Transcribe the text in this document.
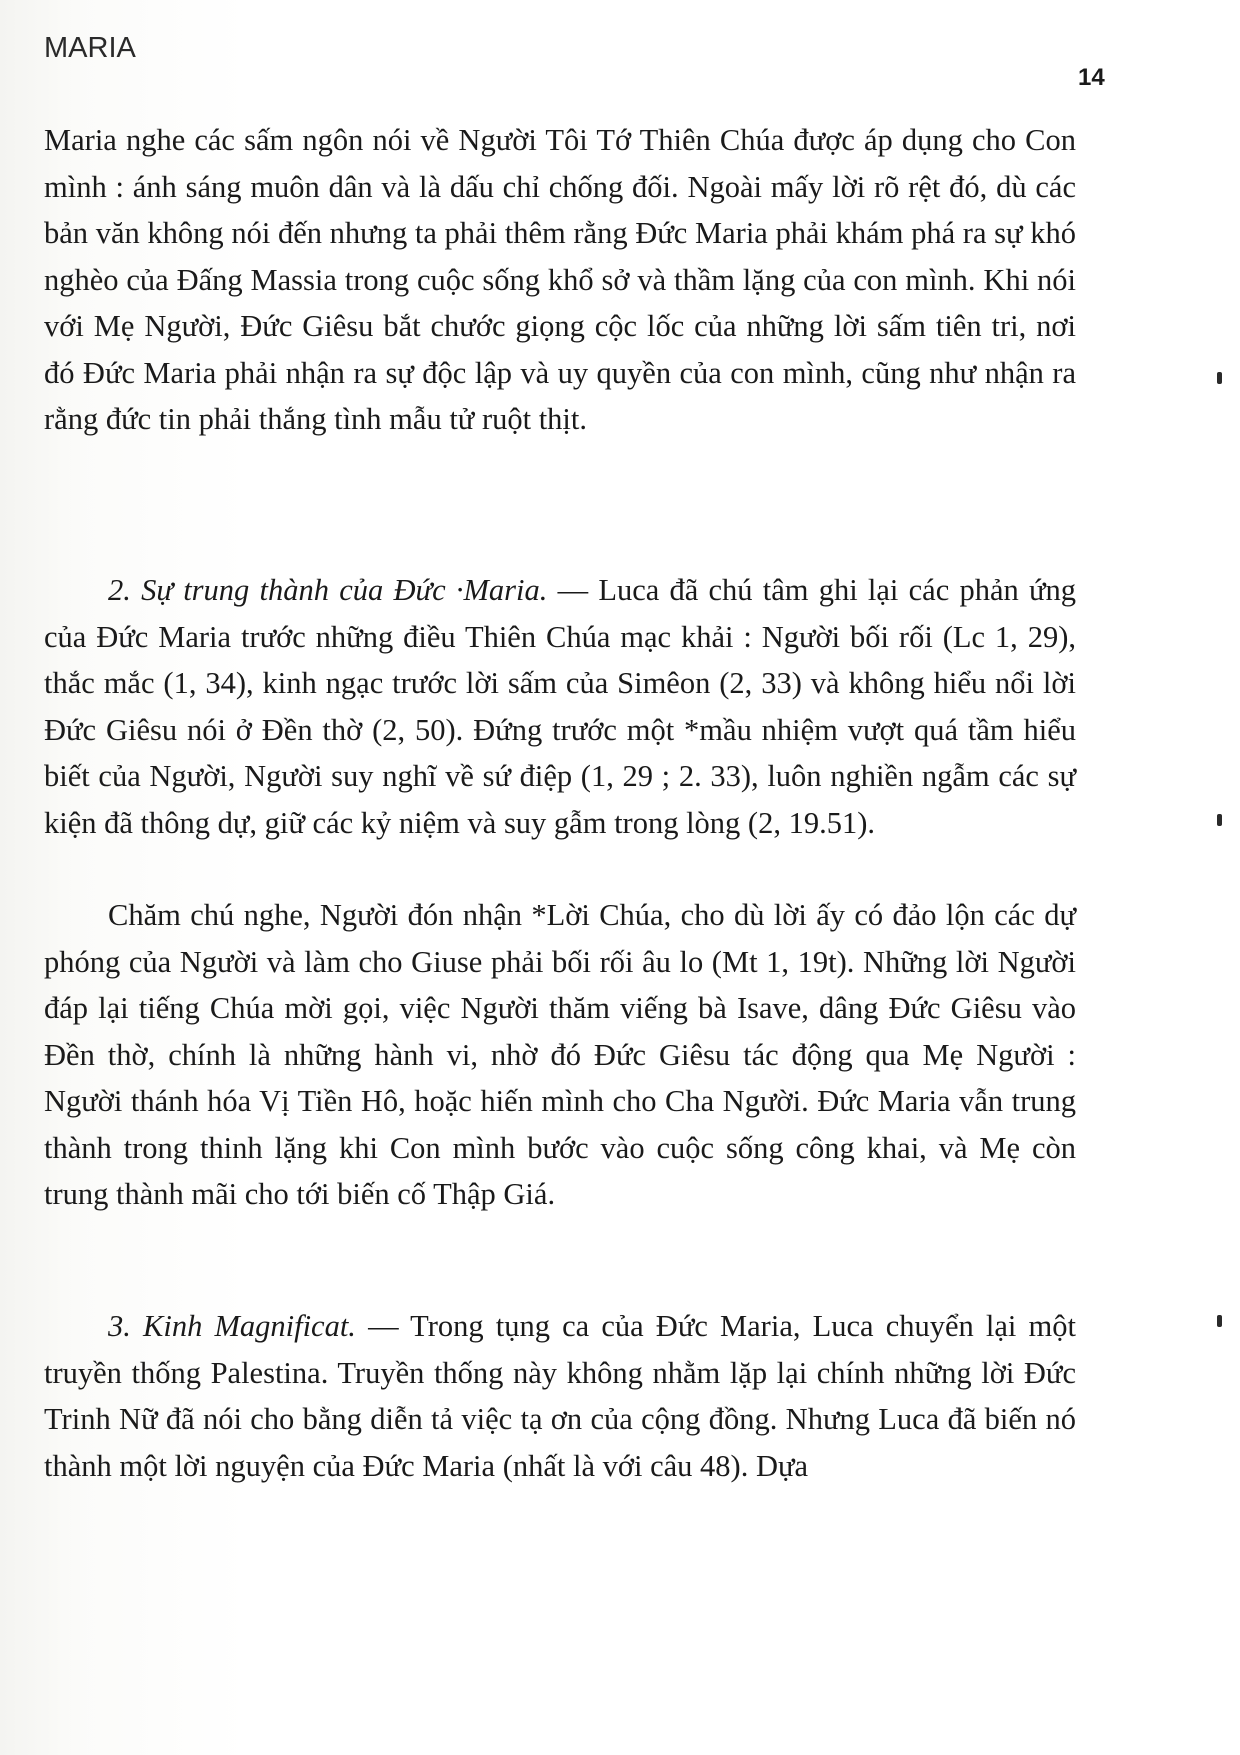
MARIA
14

Maria nghe các sấm ngôn nói về Người Tôi Tớ Thiên Chúa được áp dụng cho Con mình : ánh sáng muôn dân và là dấu chỉ chống đối. Ngoài mấy lời rõ rệt đó, dù các bản văn không nói đến nhưng ta phải thêm rằng Đức Maria phải khám phá ra sự khó nghèo của Đấng Massia trong cuộc sống khổ sở và thầm lặng của con mình. Khi nói với Mẹ Người, Đức Giêsu bắt chước giọng cộc lốc của những lời sấm tiên tri, nơi đó Đức Maria phải nhận ra sự độc lập và uy quyền của con mình, cũng như nhận ra rằng đức tin phải thắng tình mẫu tử ruột thịt.

2. Sự trung thành của Đức ·Maria. — Luca đã chú tâm ghi lại các phản ứng của Đức Maria trước những điều Thiên Chúa mạc khải : Người bối rối (Lc 1, 29), thắc mắc (1, 34), kinh ngạc trước lời sấm của Simêon (2, 33) và không hiểu nổi lời Đức Giêsu nói ở Đền thờ (2, 50). Đứng trước một *mầu nhiệm vượt quá tầm hiểu biết của Người, Người suy nghĩ về sứ điệp (1, 29 ; 2. 33), luôn nghiền ngẫm các sự kiện đã thông dự, giữ các kỷ niệm và suy gẫm trong lòng (2, 19.51).

Chăm chú nghe, Người đón nhận *Lời Chúa, cho dù lời ấy có đảo lộn các dự phóng của Người và làm cho Giuse phải bối rối âu lo (Mt 1, 19t). Những lời Người đáp lại tiếng Chúa mời gọi, việc Người thăm viếng bà Isave, dâng Đức Giêsu vào Đền thờ, chính là những hành vi, nhờ đó Đức Giêsu tác động qua Mẹ Người : Người thánh hóa Vị Tiền Hô, hoặc hiến mình cho Cha Người. Đức Maria vẫn trung thành trong thinh lặng khi Con mình bước vào cuộc sống công khai, và Mẹ còn trung thành mãi cho tới biến cố Thập Giá.

3. Kinh Magnificat. — Trong tụng ca của Đức Maria, Luca chuyển lại một truyền thống Palestina. Truyền thống này không nhằm lặp lại chính những lời Đức Trinh Nữ đã nói cho bằng diễn tả việc tạ ơn của cộng đồng. Nhưng Luca đã biến nó thành một lời nguyện của Đức Maria (nhất là với câu 48). Dựa
